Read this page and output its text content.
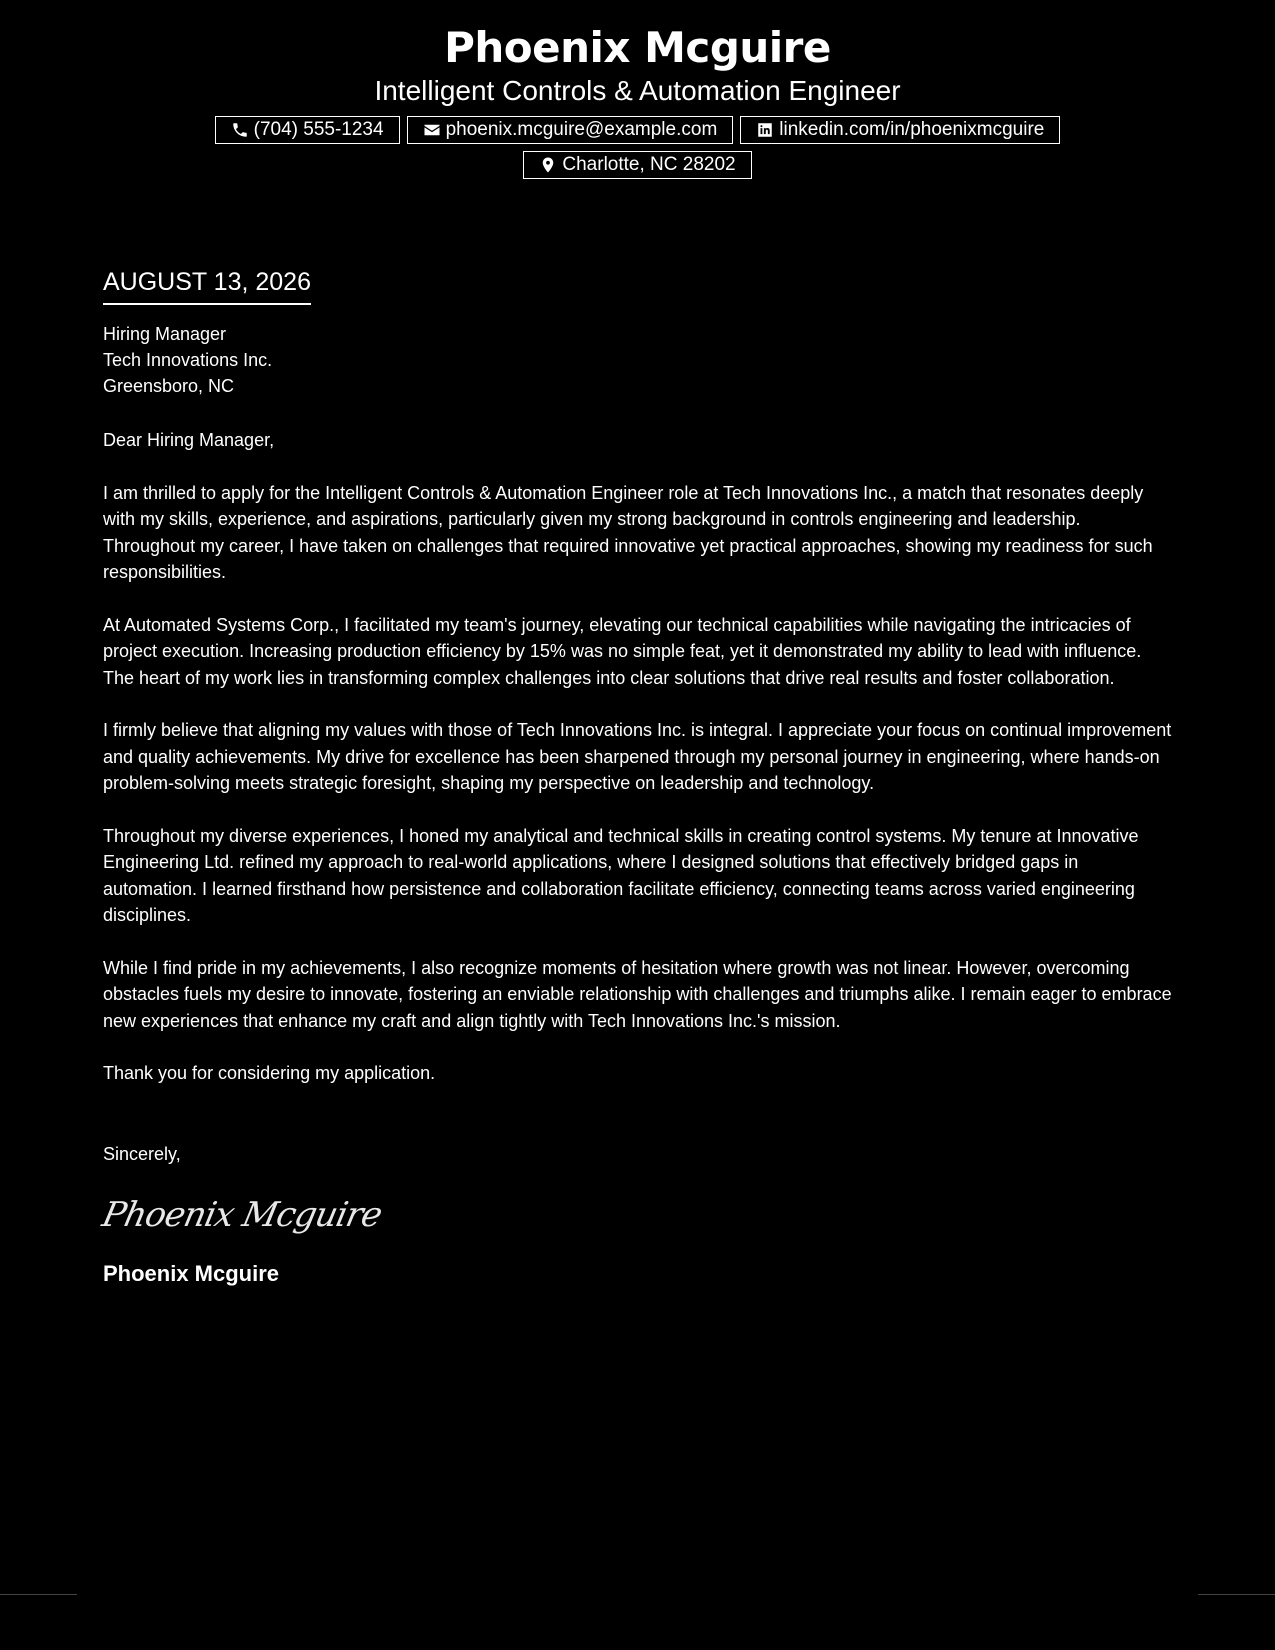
Phoenix Mcguire
Intelligent Controls & Automation Engineer
(704) 555-1234	phoenix.mcguire@example.com	linkedin.com/in/phoenixmcguire
Charlotte, NC 28202
AUGUST 13, 2026
Hiring Manager
Tech Innovations Inc.
Greensboro, NC
Dear Hiring Manager,
I am thrilled to apply for the Intelligent Controls & Automation Engineer role at Tech Innovations Inc., a match that resonates deeply with my skills, experience, and aspirations, particularly given my strong background in controls engineering and leadership. Throughout my career, I have taken on challenges that required innovative yet practical approaches, showing my readiness for such responsibilities.
At Automated Systems Corp., I facilitated my team's journey, elevating our technical capabilities while navigating the intricacies of project execution. Increasing production efficiency by 15% was no simple feat, yet it demonstrated my ability to lead with influence. The heart of my work lies in transforming complex challenges into clear solutions that drive real results and foster collaboration.
I firmly believe that aligning my values with those of Tech Innovations Inc. is integral. I appreciate your focus on continual improvement and quality achievements. My drive for excellence has been sharpened through my personal journey in engineering, where hands-on problem-solving meets strategic foresight, shaping my perspective on leadership and technology.
Throughout my diverse experiences, I honed my analytical and technical skills in creating control systems. My tenure at Innovative Engineering Ltd. refined my approach to real-world applications, where I designed solutions that effectively bridged gaps in automation. I learned firsthand how persistence and collaboration facilitate efficiency, connecting teams across varied engineering disciplines.
While I find pride in my achievements, I also recognize moments of hesitation where growth was not linear. However, overcoming obstacles fuels my desire to innovate, fostering an enviable relationship with challenges and triumphs alike. I remain eager to embrace new experiences that enhance my craft and align tightly with Tech Innovations Inc.'s mission.
Thank you for considering my application.
Sincerely,
Phoenix Mcguire
Phoenix Mcguire
